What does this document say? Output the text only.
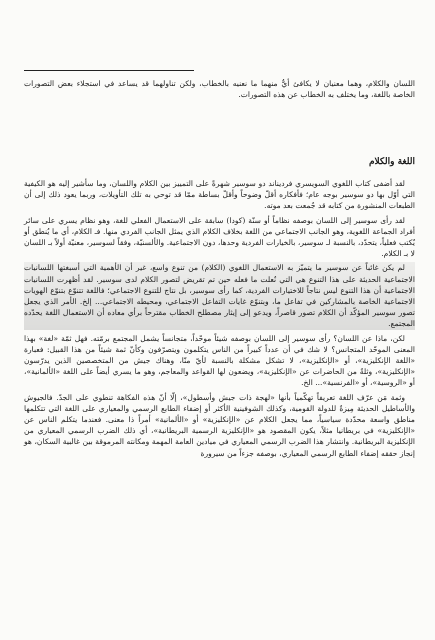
اللسان والكلام، وهما معنيان لا يكافئ أيٌّ منهما ما نعنيه بالخطاب، ولكن تناولهما قد يساعد في استجلاء بعض التصورات الخاصة باللغة، وما يختلف به الخطاب عن هذه التصورات.

اللغة والكلام

لقد أضفى كتاب اللغوي السويسري فرديناند دو سوسير شهرةً على التمييز بين الكلام واللسان، وما سأشير إليه هو الكيفية التي أوّل بها دو سوسير بوجه عام؛ فأفكاره أقلّ وضوحاً وأقلّ بساطة ممّا قد توحي به تلك التأويلات، وربما يعود ذلك إلى أن الطبعات المنشورة من كتابه قد جُمعت بعد موته.

لقد رأى سوسير إلى اللسان بوصفه نظاماً أو سنّة (كودا) سابقة على الاستعمال الفعلي للغة، وهو نظام يسري على سائر أفراد الجماعة اللغوية، وهو الجانب الاجتماعي من اللغة بخلاف الكلام الذي يمثل الجانب الفردي منها. فـ الكلام، أي ما يُنطق أو يُكتب فعلياً، يتحدّد، بالنسبة لـ سوسير، بالخيارات الفردية وحدها، دون الاجتماعية. والألسنيّة، وفقاً لسوسير، معنيّة أولاً بـ اللسان لا بـ الكلام.

لم يكن غائباً عن سوسير ما يتميّز به الاستعمال اللغوي (الكلام) من تنوع واسع، غير أن الأهمية التي أسبغتها اللسانيات الاجتماعية الحديثة على هذا التنوع هي التي نُعلت ما فعله حين تم تقريض لتصور الكلام لدى سوسير. لقد أظهرت اللسانيات الاجتماعية أن هذا التنوع ليس نتاجاً للاختيارات الفردية، كما رأى سوسير، بل نتاج للتنوع الاجتماعي؛ فاللغة تتنوّع بتنوّع الهويات الاجتماعية الخاصة بالمشاركين في تفاعل ما، وبتنوّع غايات التفاعل الاجتماعي، ومحيطه الاجتماعي... إلخ. الأمر الذي يجعل تصور سوسير المؤكّد أن الكلام تصور قاصراً، ويدعو إلى إيثار مصطلح الخطاب مقترحاً برأي معاده أن الاستعمال اللغة يحدّده المجتمع.

لكن، ماذا عن اللسان؟ رأى سوسير إلى اللسان بوصفه شيئاً موحّداً، متجانساً يشمل المجتمع برمّته. فهل ثمّة «لغة» بهذا المعنى الموحّد المتجانس؟ لا شك في أن عدداً كبيراً من الناس يتكلمون ويتصرّفون وكأنّ ثمة شيئاً من هذا القبيل: فعبارة «اللغة الإنكليزية»، أو «الإنكليزية»، لا تشكل مشكلة بالنسبة لأيّ منّا، وهناك جيش من المتخصصين الذين يدرّسون «الإنكليزية»، وثلةٌ من الحاضرات عن «الإنكليزية»، ويضعون لها القواعد والمعاجم، وهو ما يسري أيضاً على اللغة «الألمانية»، أو «الروسية»، أو «الفرنسية»... الخ.

وثمة مَن عرّف اللغة تعريفاً تهكّمياً بأنها «لهجة ذات جيش وأسطول»، إلّا أنّ هذه الفكاهة تنطوي على الجدّ. فالجيوش والأساطيل الحديثة مِيزةٌ للدولة القومية، وكذلك الشوفينية الأكثر أو إضفاء الطابع الرسمي والمعياري على اللغة التي تتكلمها مناطق واسعة محدّدة سياسياً، مما يجعل الكلام عن «الإنكليزية» أو «الألمانية» أمراً ذا معنى. فعندما يتكلم الناس عن «الإنكليزية» في بريطانيا مثلاً، يكون المقصود هو «الإنكليزية الرسمية البريطانية»، أي ذلك الضرب الرسمي المعياري من الإنكليزية البريطانية. وانتشار هذا الضرب الرسمي المعياري في ميادين العامة المهمة ومكانته المرموقة بين غالبية السكان، هو إنجاز حققه إضفاء الطابع الرسمي المعياري، بوصفه جزءاً من سيرورة
